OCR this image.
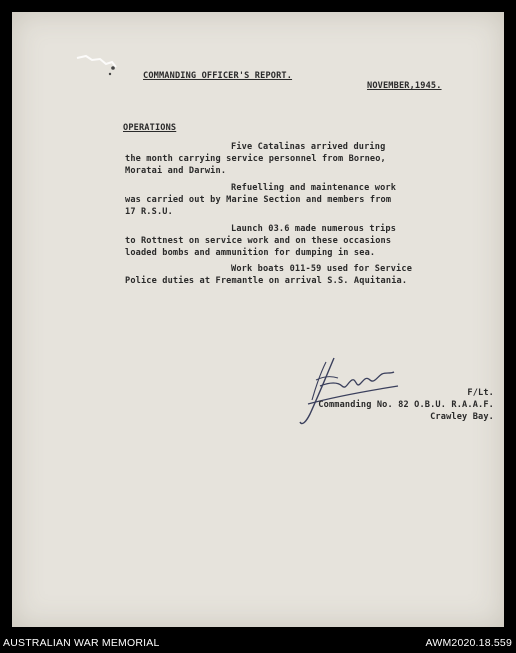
COMMANDING OFFICER'S REPORT.
NOVEMBER,1945.
OPERATIONS
Five Catalinas arrived during
the month carrying service personnel from Borneo,
Moratai and Darwin.
Refuelling and maintenance work
was carried out by Marine Section and members from
17 R.S.U.
Launch 03.6 made numerous trips
to Rottnest on service work and on these occasions
loaded bombs and ammunition for dumping in sea.
Work boats 011-59 used for Service
Police duties at Fremantle on arrival S.S. Aquitania.
F/Lt.
Commanding No. 82 O.B.U. R.A.A.F.
Crawley Bay.
AUSTRALIAN WAR MEMORIAL	AWM2020.18.559
